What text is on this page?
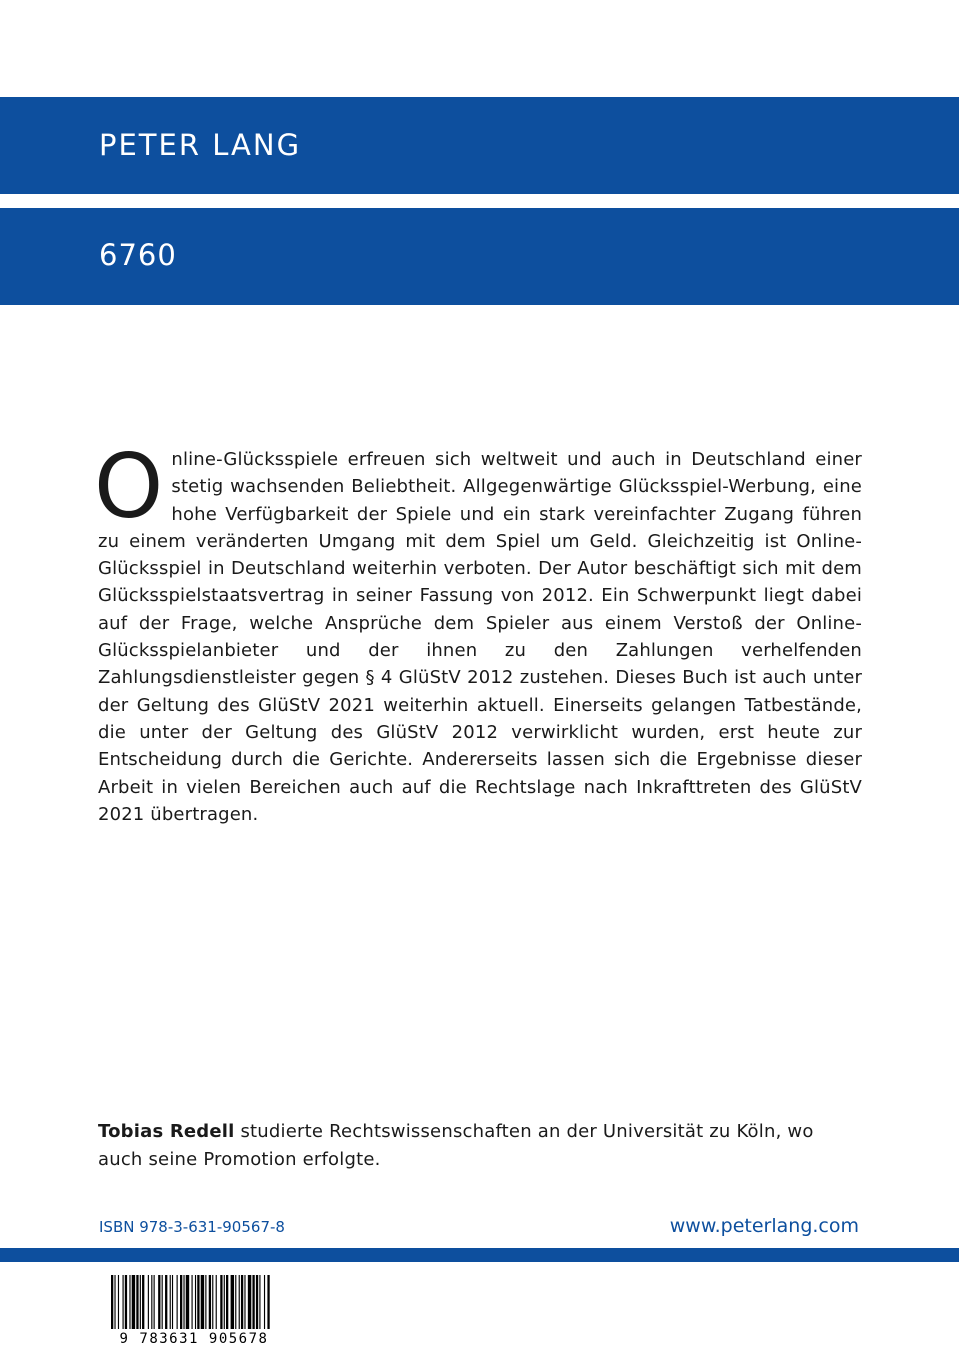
PETER LANG
6760
Online-Glücksspiele erfreuen sich weltweit und auch in Deutschland einer stetig wachsenden Beliebtheit. Allgegenwärtige Glücksspiel-Werbung, eine hohe Verfügbarkeit der Spiele und ein stark vereinfachter Zugang führen zu einem veränderten Umgang mit dem Spiel um Geld. Gleichzeitig ist Online-Glücksspiel in Deutschland weiterhin verboten. Der Autor beschäftigt sich mit dem Glücksspielstaatsvertrag in seiner Fassung von 2012. Ein Schwerpunkt liegt dabei auf der Frage, welche Ansprüche dem Spieler aus einem Verstoß der Online-Glücksspielanbieter und der ihnen zu den Zahlungen verhelfenden Zahlungsdienstleister gegen § 4 GlüStV 2012 zustehen. Dieses Buch ist auch unter der Geltung des GlüStV 2021 weiterhin aktuell. Einerseits gelangen Tatbestände, die unter der Geltung des GlüStV 2012 verwirklicht wurden, erst heute zur Entscheidung durch die Gerichte. Andererseits lassen sich die Ergebnisse dieser Arbeit in vielen Bereichen auch auf die Rechtslage nach Inkrafttreten des GlüStV 2021 übertragen.
Tobias Redell studierte Rechtswissenschaften an der Universität zu Köln, wo auch seine Promotion erfolgte.
ISBN 978-3-631-90567-8	www.peterlang.com
9 783631 905678
